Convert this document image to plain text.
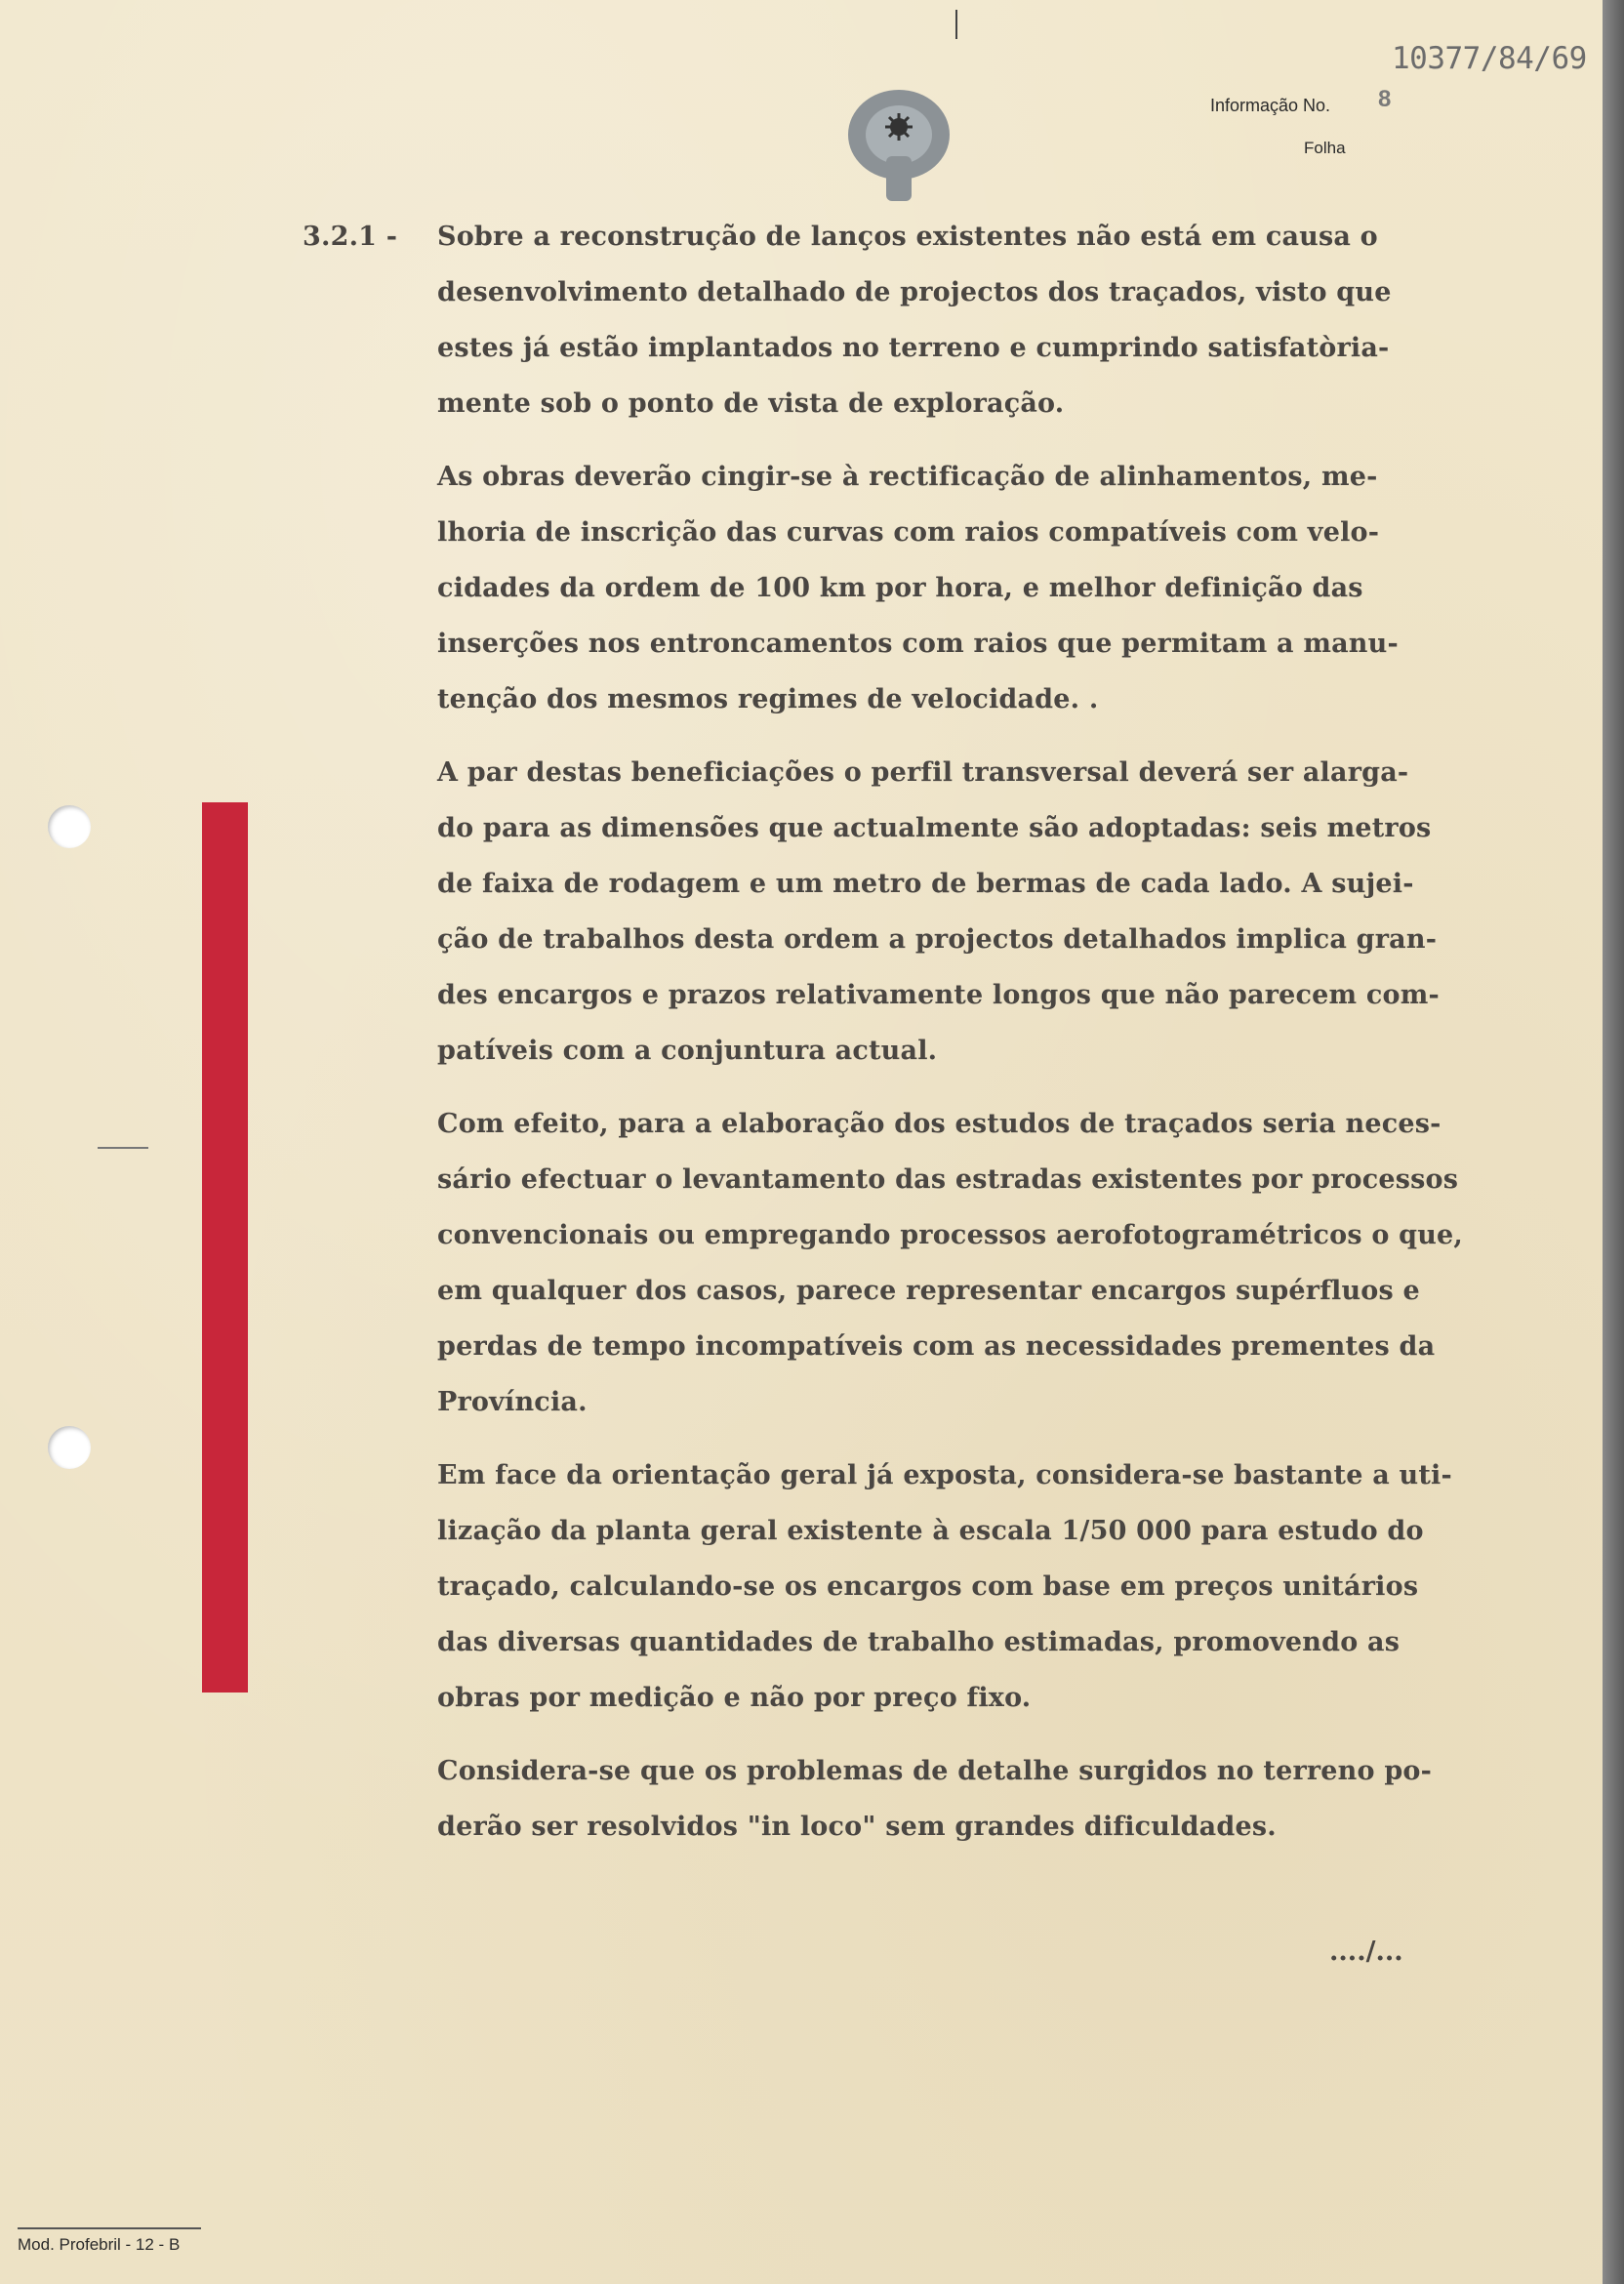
10377/84/69
Informação No. 8
Folha
3.2.1 -	Sobre a reconstrução de lanços existentes não está em causa o
desenvolvimento detalhado de projectos dos traçados, visto que
estes já estão implantados no terreno e cumprindo satisfatòria-
mente sob o ponto de vista de exploração.
As obras deverão cingir-se à rectificação de alinhamentos, me-
lhoria de inscrição das curvas com raios compatíveis com velo-
cidades da ordem de 100 km por hora, e melhor definição das
inserções nos entroncamentos com raios que permitam a manu-
tenção dos mesmos regimes de velocidade. .
A par destas beneficiações o perfil transversal deverá ser alarga-
do para as dimensões que actualmente são adoptadas: seis metros
de faixa de rodagem e um metro de bermas de cada lado. A sujei-
ção de trabalhos desta ordem a projectos detalhados implica gran-
des encargos e prazos relativamente longos que não parecem com-
patíveis com a conjuntura actual.
Com efeito, para a elaboração dos estudos de traçados seria neces-
sário efectuar o levantamento das estradas existentes por processos
convencionais ou empregando processos aerofotogramétricos o que,
em qualquer dos casos, parece representar encargos supérfluos e
perdas de tempo incompatíveis com as necessidades prementes da
Província.
Em face da orientação geral já exposta, considera-se bastante a uti-
lização da planta geral existente à escala 1/50 000 para estudo do
traçado, calculando-se os encargos com base em preços unitários
das diversas quantidades de trabalho estimadas, promovendo as
obras por medição e não por preço fixo.
Considera-se que os problemas de detalhe surgidos no terreno po-
derão ser resolvidos "in loco" sem grandes dificuldades.
..../...
Mod. Profebril - 12 - B
